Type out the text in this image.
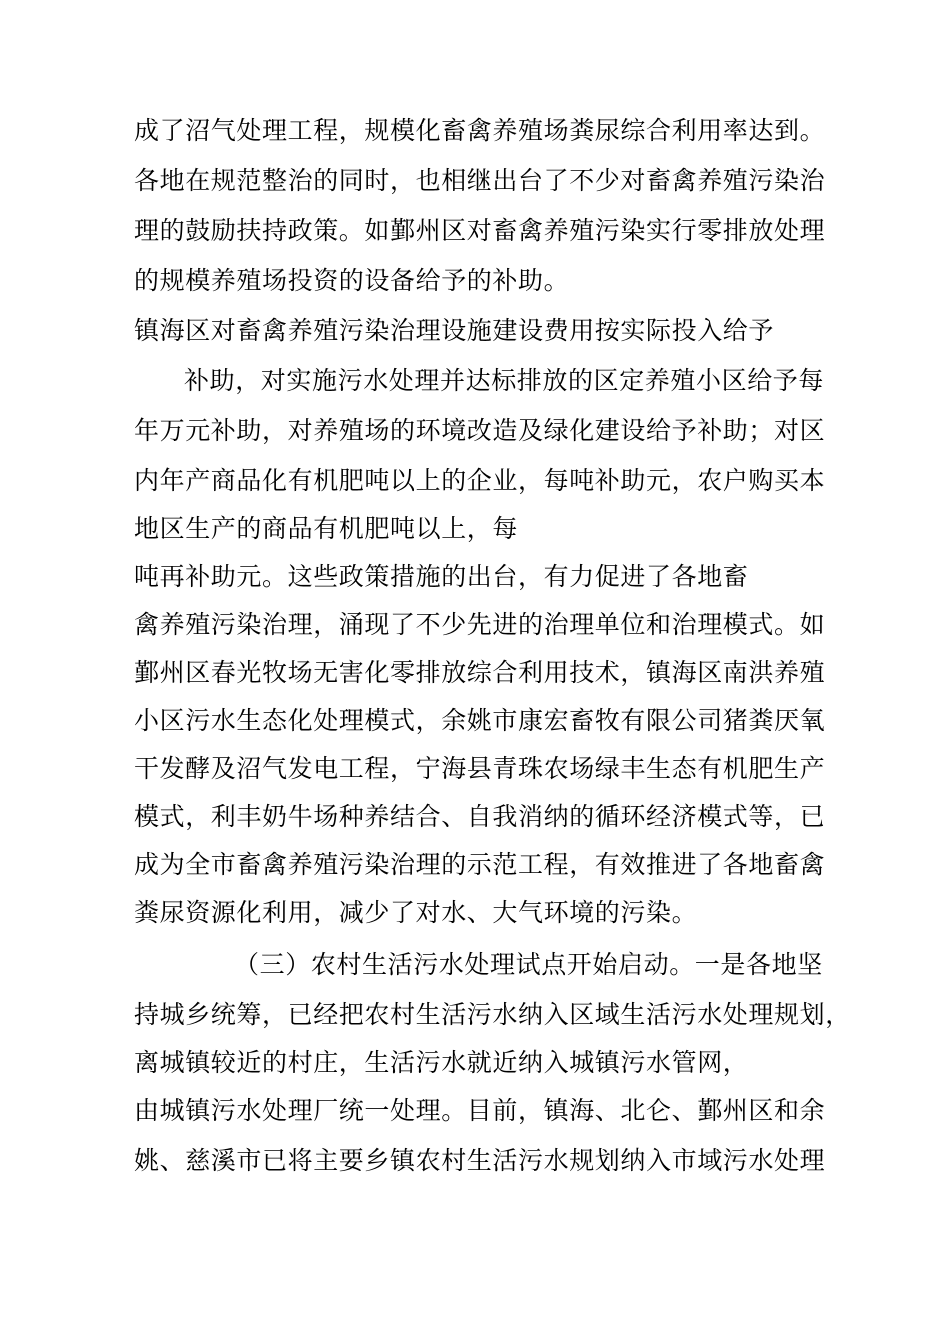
成了沼气处理工程，规模化畜禽养殖场粪尿综合利用率达到。
各地在规范整治的同时，也相继出台了不少对畜禽养殖污染治
理的鼓励扶持政策。如鄞州区对畜禽养殖污染实行零排放处理
的规模养殖场投资的设备给予的补助。
镇海区对畜禽养殖污染治理设施建设费用按实际投入给予
补助，对实施污水处理并达标排放的区定养殖小区给予每
年万元补助，对养殖场的环境改造及绿化建设给予补助；对区
内年产商品化有机肥吨以上的企业，每吨补助元，农户购买本
地区生产的商品有机肥吨以上，每
吨再补助元。这些政策措施的出台，有力促进了各地畜
禽养殖污染治理，涌现了不少先进的治理单位和治理模式。如
鄞州区春光牧场无害化零排放综合利用技术，镇海区南洪养殖
小区污水生态化处理模式，余姚市康宏畜牧有限公司猪粪厌氧
干发酵及沼气发电工程，宁海县青珠农场绿丰生态有机肥生产
模式，利丰奶牛场种养结合、自我消纳的循环经济模式等，已
成为全市畜禽养殖污染治理的示范工程，有效推进了各地畜禽
粪尿资源化利用，减少了对水、大气环境的污染。
（三）农村生活污水处理试点开始启动。一是各地坚
持城乡统筹，已经把农村生活污水纳入区域生活污水处理规划，
离城镇较近的村庄，生活污水就近纳入城镇污水管网，
由城镇污水处理厂统一处理。目前，镇海、北仑、鄞州区和余
姚、慈溪市已将主要乡镇农村生活污水规划纳入市域污水处理
